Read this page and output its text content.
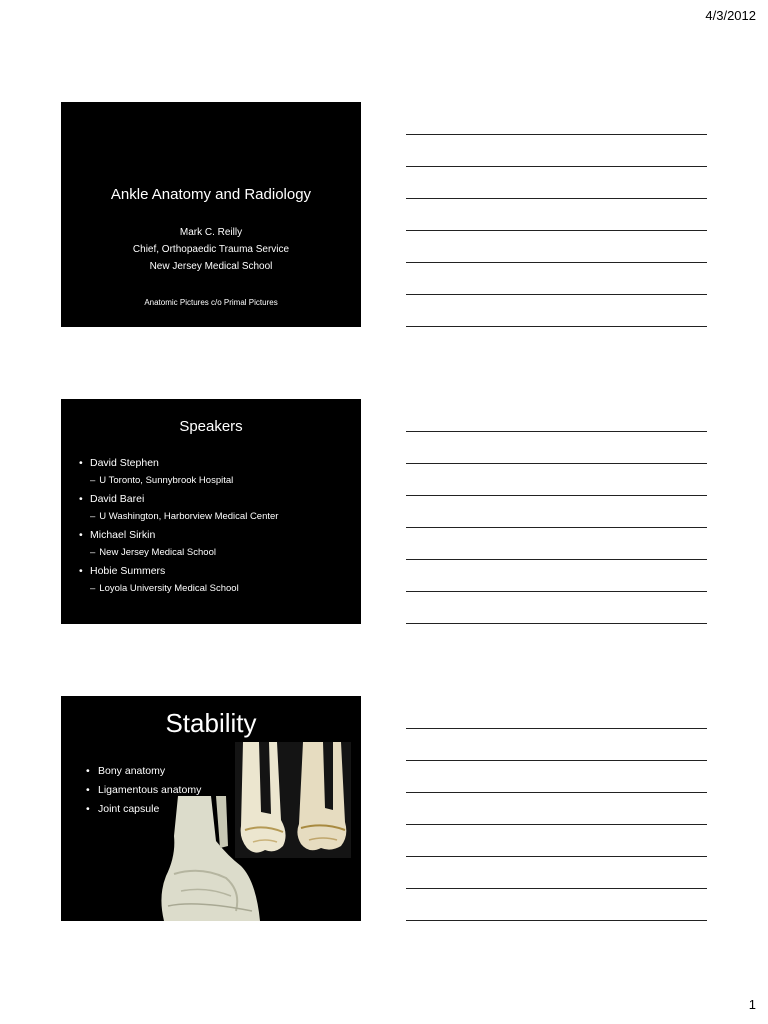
4/3/2012
Ankle Anatomy and Radiology
Mark C. Reilly
Chief, Orthopaedic Trauma Service
New Jersey Medical School
Anatomic Pictures c/o Primal Pictures
Speakers
• David Stephen
– U Toronto, Sunnybrook Hospital
• David Barei
– U Washington, Harborview Medical Center
• Michael Sirkin
– New Jersey Medical School
• Hobie Summers
– Loyola University Medical School
Stability
• Bony anatomy
• Ligamentous anatomy
• Joint capsule
1
